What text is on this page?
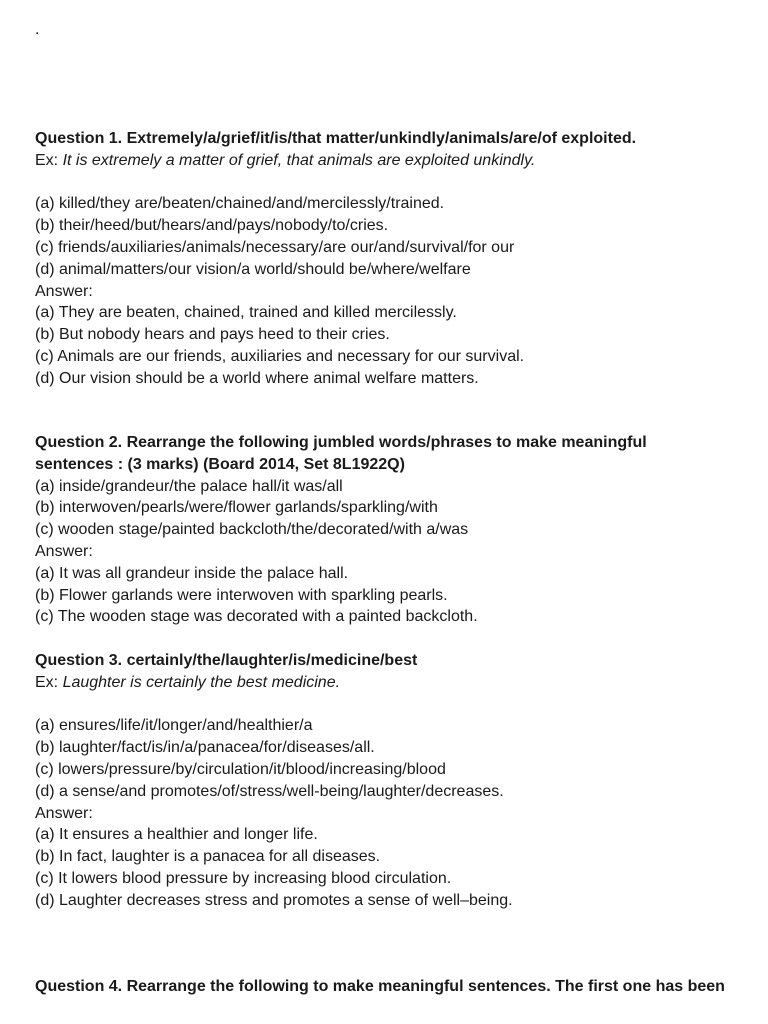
.
Question 1. Extremely/a/grief/it/is/that matter/unkindly/animals/are/of exploited.
Ex: It is extremely a matter of grief, that animals are exploited unkindly.
(a) killed/they are/beaten/chained/and/mercilessly/trained.
(b) their/heed/but/hears/and/pays/nobody/to/cries.
(c) friends/auxiliaries/animals/necessary/are our/and/survival/for our
(d) animal/matters/our vision/a world/should be/where/welfare
Answer:
(a) They are beaten, chained, trained and killed mercilessly.
(b) But nobody hears and pays heed to their cries.
(c) Animals are our friends, auxiliaries and necessary for our survival.
(d) Our vision should be a world where animal welfare matters.
Question 2. Rearrange the following jumbled words/phrases to make meaningful sentences : (3 marks) (Board 2014, Set 8L1922Q)
(a) inside/grandeur/the palace hall/it was/all
(b) interwoven/pearls/were/flower garlands/sparkling/with
(c) wooden stage/painted backcloth/the/decorated/with a/was
Answer:
(a) It was all grandeur inside the palace hall.
(b) Flower garlands were interwoven with sparkling pearls.
(c) The wooden stage was decorated with a painted backcloth.
Question 3. certainly/the/laughter/is/medicine/best
Ex: Laughter is certainly the best medicine.
(a) ensures/life/it/longer/and/healthier/a
(b) laughter/fact/is/in/a/panacea/for/diseases/all.
(c) lowers/pressure/by/circulation/it/blood/increasing/blood
(d) a sense/and promotes/of/stress/well-being/laughter/decreases.
Answer:
(a) It ensures a healthier and longer life.
(b) In fact, laughter is a panacea for all diseases.
(c) It lowers blood pressure by increasing blood circulation.
(d) Laughter decreases stress and promotes a sense of well–being.
Question 4. Rearrange the following to make meaningful sentences. The first one has been
